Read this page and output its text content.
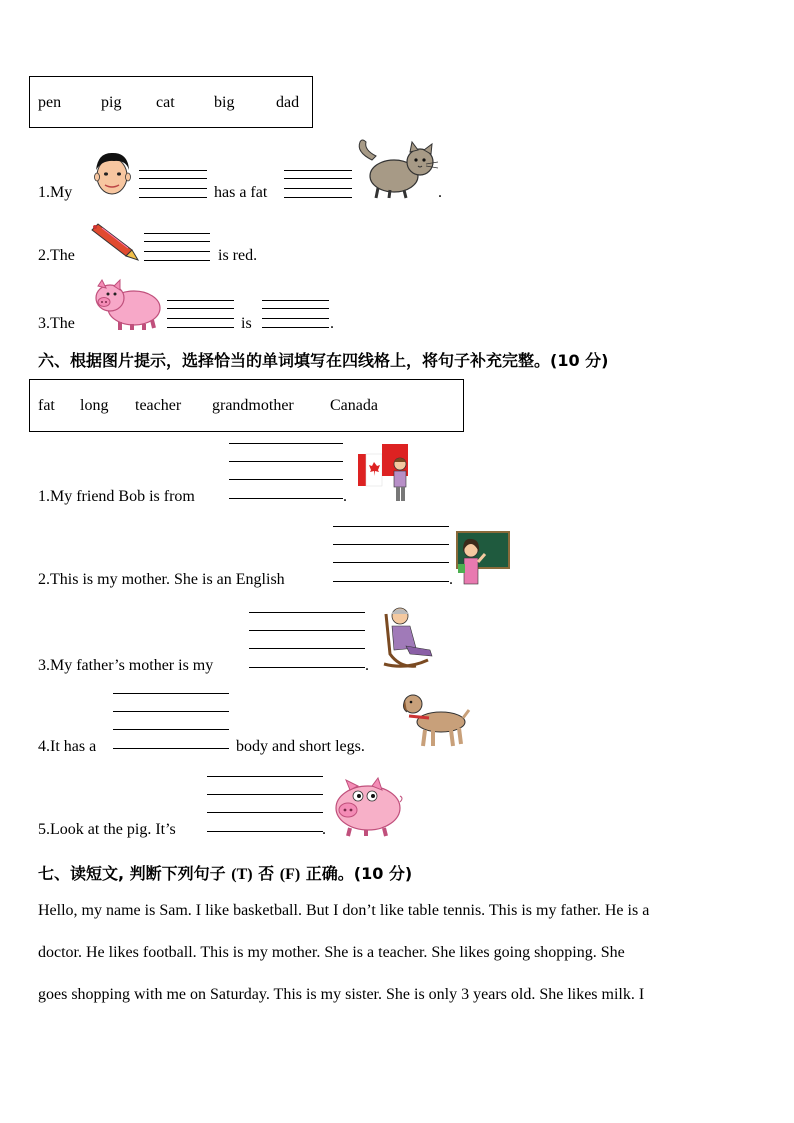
pen pig cat big	dad
1.My	has a fat	.
2.The	is red.
3.The	is	.
六、根据图片提示，选择恰当的单词填写在四线格上，将句子补充完整。(10 分)
fat long teacher grandmother Canada
1.My friend Bob is from	.
2.This is my mother. She is an English	.
3.My father’s mother is my	.
4.It has a	body and short legs.
5.Look at the pig. It’s	.
七、读短文, 判断下列句子 (T) 否 (F) 正确。(10 分)
Hello, my name is Sam. I like basketball. But I don’t like table tennis. This is my father. He is a
doctor. He likes football. This is my mother. She is a teacher. She likes going shopping. She
goes shopping with me on Saturday. This is my sister. She is only 3 years old. She likes milk. I
